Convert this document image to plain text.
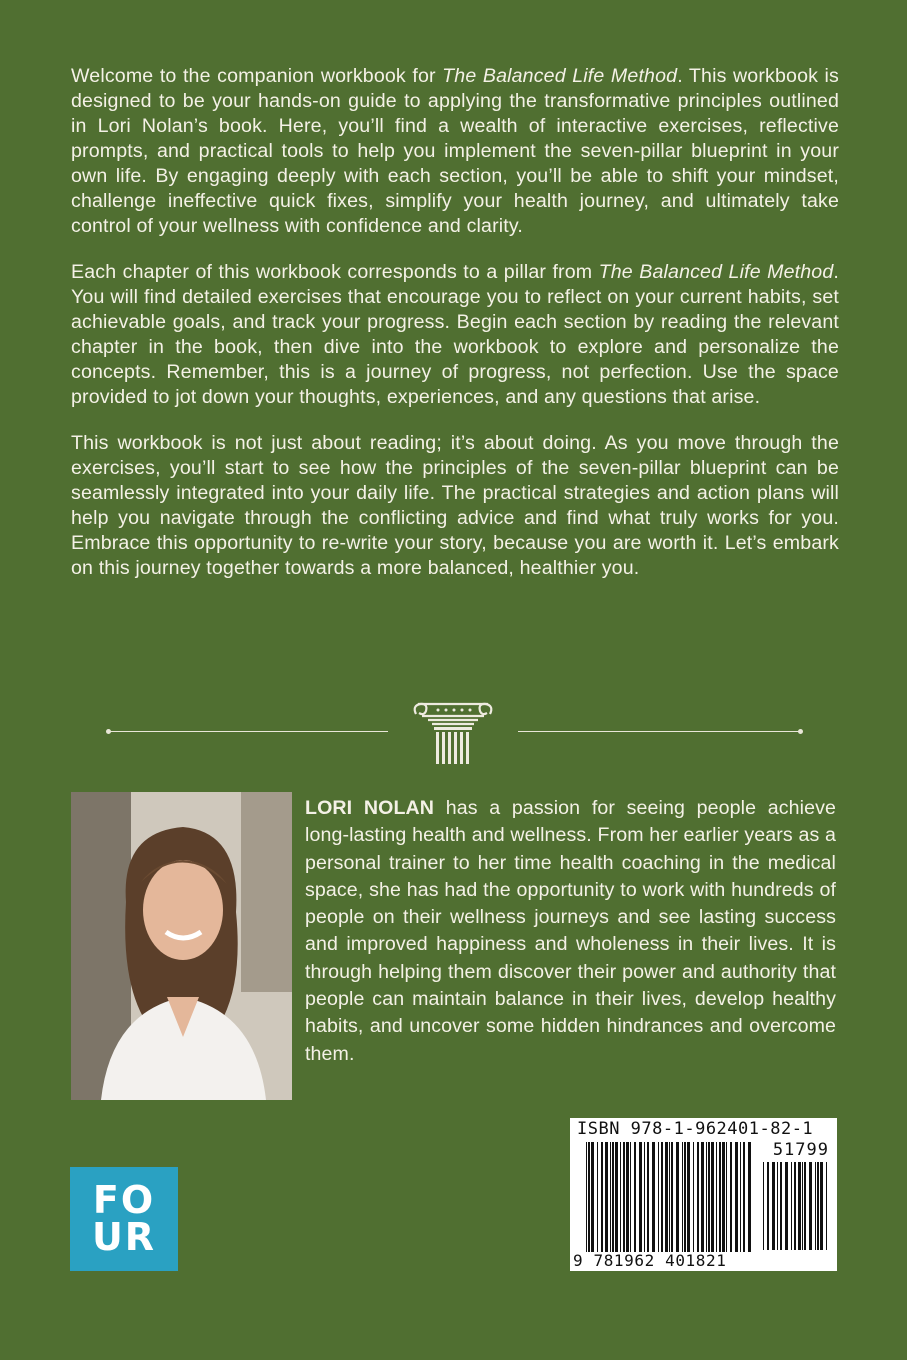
Welcome to the companion workbook for The Balanced Life Method. This workbook is designed to be your hands-on guide to applying the transformative principles outlined in Lori Nolan’s book. Here, you’ll find a wealth of interactive exercises, reflective prompts, and practical tools to help you implement the seven-pillar blueprint in your own life. By engaging deeply with each section, you’ll be able to shift your mindset, challenge ineffective quick fixes, simplify your health journey, and ultimately take control of your wellness with confidence and clarity.

Each chapter of this workbook corresponds to a pillar from The Balanced Life Method. You will find detailed exercises that encourage you to reflect on your current habits, set achievable goals, and track your progress. Begin each section by reading the relevant chapter in the book, then dive into the workbook to explore and personalize the concepts. Remember, this is a journey of progress, not perfection. Use the space provided to jot down your thoughts, experiences, and any questions that arise.

This workbook is not just about reading; it’s about doing. As you move through the exercises, you’ll start to see how the principles of the seven-pillar blueprint can be seamlessly integrated into your daily life. The practical strategies and action plans will help you navigate through the conflicting advice and find what truly works for you. Embrace this opportunity to re-write your story, because you are worth it. Let’s embark on this journey together towards a more balanced, healthier you.

LORI NOLAN has a passion for seeing people achieve long-lasting health and wellness. From her earlier years as a personal trainer to her time health coaching in the medical space, she has had the opportunity to work with hundreds of people on their wellness journeys and see lasting success and improved happiness and wholeness in their lives. It is through helping them discover their power and authority that people can maintain balance in their lives, develop healthy habits, and uncover some hidden hindrances and overcome them.
ISBN 978-1-962401-82-1
51799
9 781962 401821
FO
UR
